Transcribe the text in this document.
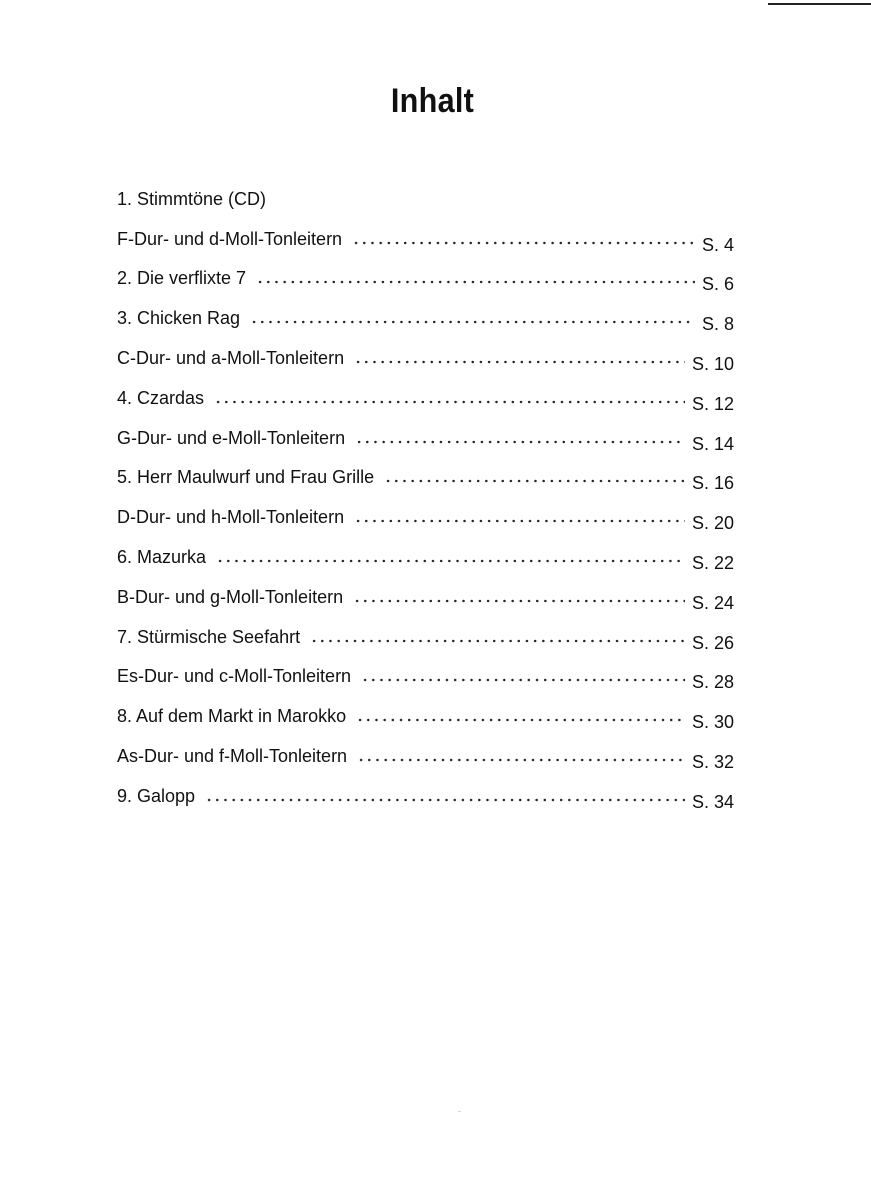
Inhalt
1. Stimmtöne (CD)
F-Dur- und d-Moll-Tonleitern	S. 4
2. Die verflixte 7	S. 6
3. Chicken Rag	S. 8
C-Dur- und a-Moll-Tonleitern	S. 10
4. Czardas	S. 12
G-Dur- und e-Moll-Tonleitern	S. 14
5. Herr Maulwurf und Frau Grille	S. 16
D-Dur- und h-Moll-Tonleitern	S. 20
6. Mazurka	S. 22
B-Dur- und g-Moll-Tonleitern	S. 24
7. Stürmische Seefahrt	S. 26
Es-Dur- und c-Moll-Tonleitern	S. 28
8. Auf dem Markt in Marokko	S. 30
As-Dur- und f-Moll-Tonleitern	S. 32
9. Galopp	S. 34
